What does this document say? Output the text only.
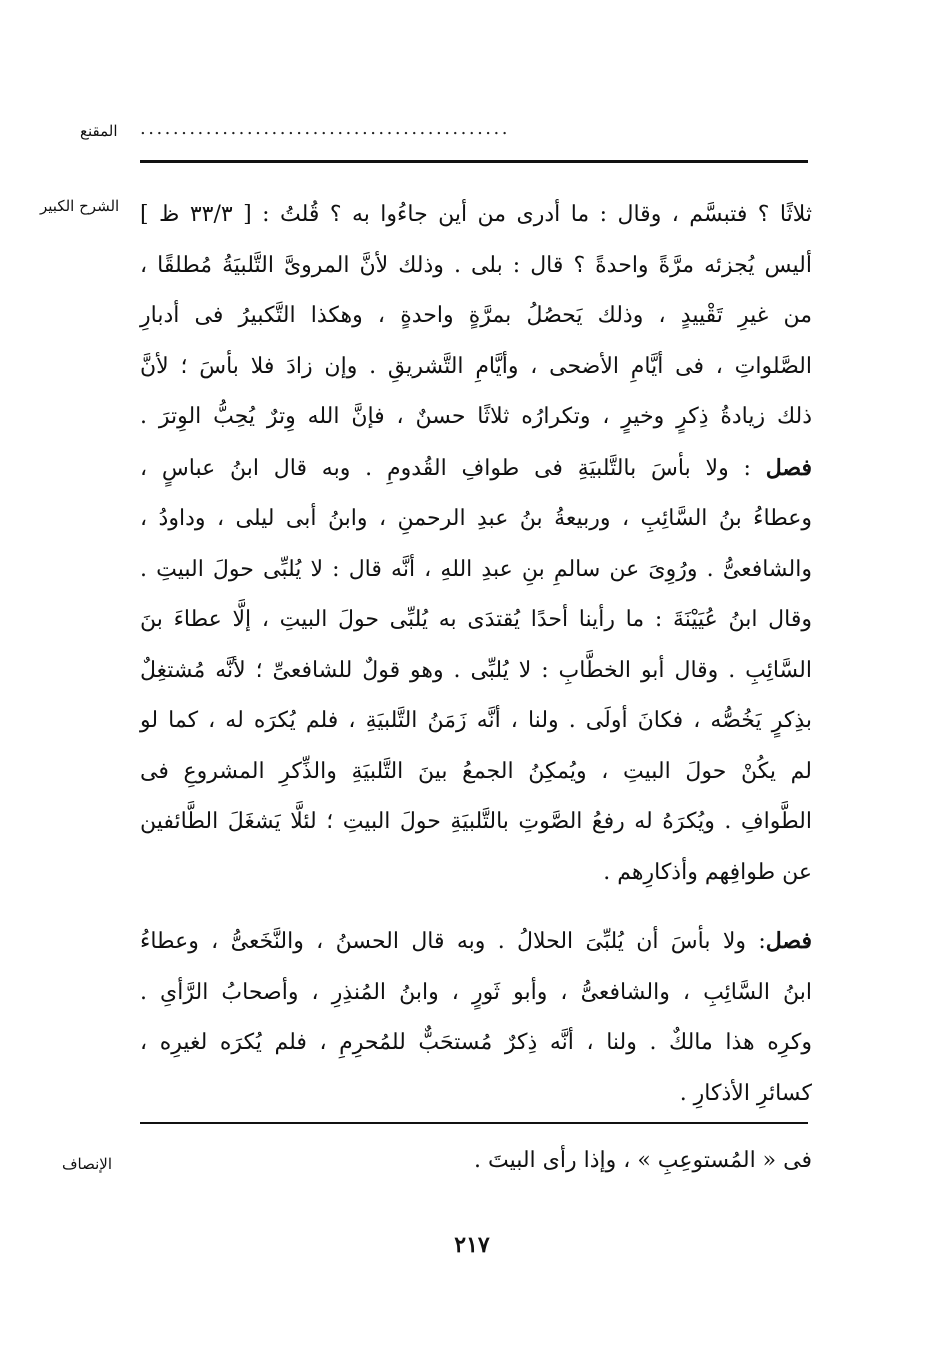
المقنع .............................................
الشرح الكبير ثلاثًا ؟ فتبسَّم ، وقال : ما أدرى من أين جاءُوا به ؟ قُلتُ : [ ٣٣/٣ ظ ]
أليس يُجزئه مرَّةً واحدةً ؟ قال : بلى . وذلك لأنَّ المروىَّ التَّلبيَةُ مُطلقًا ،
من غيرِ تَقْييدٍ ، وذلك يَحصُلُ بمرَّةٍ واحدةٍ ، وهكذا التَّكبيرُ فى أدبارِ
الصَّلواتِ ، فى أيَّامِ الأضحى ، وأيَّامِ التَّشريقِ . وإن زادَ فلا بأسَ ؛ لأنَّ
ذلك زيادةُ ذِكرٍ وخيرٍ ، وتكرارُه ثلاثًا حسنٌ ، فإنَّ الله وِترٌ يُحِبُّ الوِترَ .

فصل : ولا بأسَ بالتَّلبيَةِ فى طوافِ القُدومِ . وبه قال ابنُ عباسٍ ،
وعطاءُ بنُ السَّائِبِ ، وربيعةُ بنُ عبدِ الرحمنِ ، وابنُ أبى ليلى ، وداودُ ،
والشافعىُّ . ورُوِىَ عن سالمِ بنِ عبدِ اللهِ ، أنَّه قال : لا يُلبِّى حولَ البيتِ .
وقال ابنُ عُيَيْنَةَ : ما رأينا أحدًا يُقتدَى به يُلبِّى حولَ البيتِ ، إلَّا عطاءَ بنَ
السَّائِبِ . وقال أبو الخطَّابِ : لا يُلبِّى . وهو قولٌ للشافعىِّ ؛ لأنَّه مُشتغِلٌ
بذِكرٍ يَخُصُّه ، فكانَ أولَى . ولنا ، أنَّه زَمَنُ التَّلبيَةِ ، فلم يُكرَه له ، كما لو
لم يكُنْ حولَ البيتِ ، ويُمكِنُ الجمعُ بينَ التَّلبيَةِ والذِّكرِ المشروعِ فى
الطَّوافِ . ويُكرَهُ له رفعُ الصَّوتِ بالتَّلبيَةِ حولَ البيتِ ؛ لئلَّا يَشغَلَ الطَّائفين
عن طوافِهم وأذكارِهم .

فصل: ولا بأسَ أن يُلبِّىَ الحلالُ . وبه قال الحسنُ ، والنَّخَعىُّ ، وعطاءُ
ابنُ السَّائِبِ ، والشافعىُّ ، وأبو ثَورٍ ، وابنُ المُنذِرِ ، وأصحابُ الرَّأىِ .
وكرِه هذا مالكٌ . ولنا ، أنَّه ذِكرٌ مُستحَبٌّ للمُحرِمِ ، فلم يُكرَه لغيرِه ،
كسائرِ الأذكارِ .

فى « المُستوعِبِ » ، وإذا رأى البيتَ .
الإنصاف
٢١٧
